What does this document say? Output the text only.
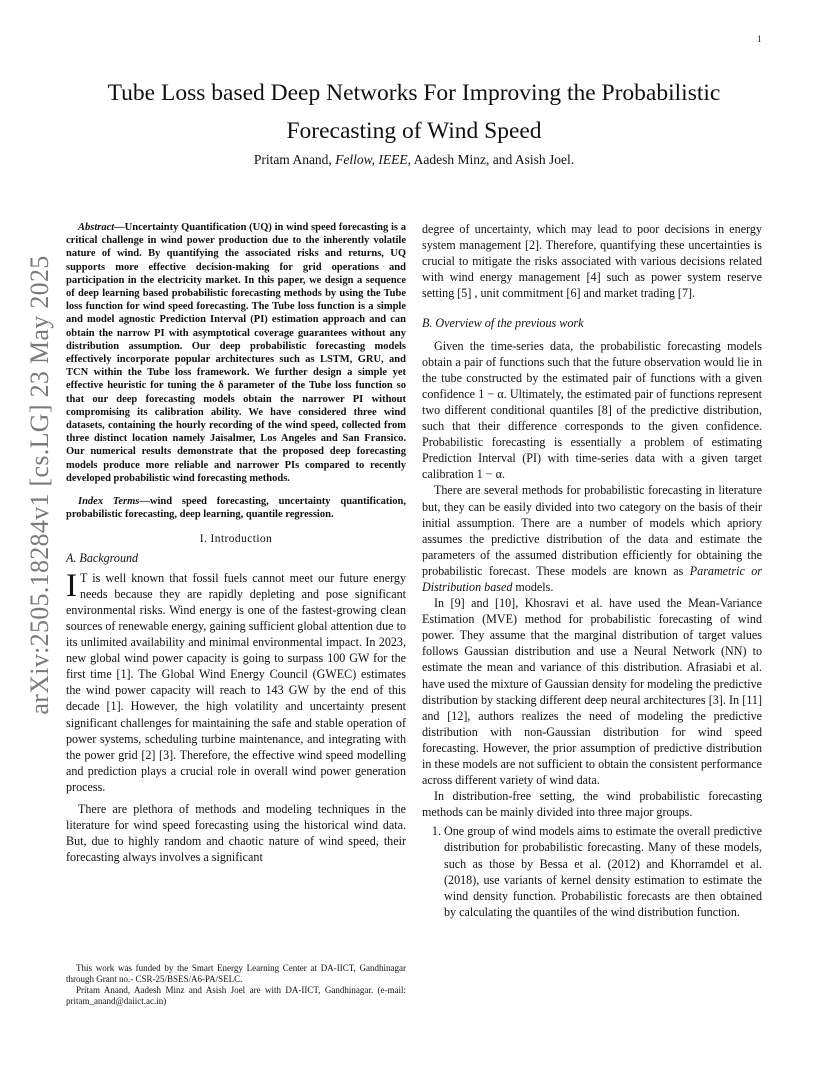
1
arXiv:2505.18284v1 [cs.LG] 23 May 2025
Tube Loss based Deep Networks For Improving the Probabilistic
Forecasting of Wind Speed
Pritam Anand, Fellow, IEEE, Aadesh Minz, and Asish Joel.

Abstract—Uncertainty Quantification (UQ) in wind speed forecasting is a critical challenge in wind power production due to the inherently volatile nature of wind. By quantifying the associated risks and returns, UQ supports more effective decision-making for grid operations and participation in the electricity market. In this paper, we design a sequence of deep learning based probabilistic forecasting methods by using the Tube loss function for wind speed forecasting. The Tube loss function is a simple and model agnostic Prediction Interval (PI) estimation approach and can obtain the narrow PI with asymptotical coverage guarantees without any distribution assumption. Our deep probabilistic forecasting models effectively incorporate popular architectures such as LSTM, GRU, and TCN within the Tube loss framework. We further design a simple yet effective heuristic for tuning the δ parameter of the Tube loss function so that our deep forecasting models obtain the narrower PI without compromising its calibration ability. We have considered three wind datasets, containing the hourly recording of the wind speed, collected from three distinct location namely Jaisalmer, Los Angeles and San Fransico. Our numerical results demonstrate that the proposed deep forecasting models produce more reliable and narrower PIs compared to recently developed probabilistic wind forecasting methods.

Index Terms—wind speed forecasting, uncertainty quantification, probabilistic forecasting, deep learning, quantile regression.

I. Introduction
A. Background

I T is well known that fossil fuels cannot meet our future energy needs because they are rapidly depleting and pose significant environmental risks. Wind energy is one of the fastest-growing clean sources of renewable energy, gaining sufficient global attention due to its unlimited availability and minimal environmental impact. In 2023, new global wind power capacity is going to surpass 100 GW for the first time [1]. The Global Wind Energy Council (GWEC) estimates the wind power capacity will reach to 143 GW by the end of this decade [1]. However, the high volatility and uncertainty present significant challenges for maintaining the safe and stable operation of power systems, scheduling turbine maintenance, and integrating with the power grid [2] [3]. Therefore, the effective wind speed modelling and prediction plays a crucial role in overall wind power generation process.

There are plethora of methods and modeling techniques in the literature for wind speed forecasting using the historical wind data. But, due to highly random and chaotic nature of wind speed, their forecasting always involves a significant

This work was funded by the Smart Energy Learning Center at DA-IICT, Gandhinagar through Grant no.- CSR-25/BSES/A6-PA/SELC.

Pritam Anand, Aadesh Minz and Asish Joel are with DA-IICT, Gandhinagar. (e-mail: pritam_anand@daiict.ac.in)

degree of uncertainty, which may lead to poor decisions in energy system management [2]. Therefore, quantifying these uncertainties is crucial to mitigate the risks associated with various decisions related with wind energy management [4] such as power system reserve setting [5] , unit commitment [6] and market trading [7].

B. Overview of the previous work

Given the time-series data, the probabilistic forecasting models obtain a pair of functions such that the future observation would lie in the tube constructed by the estimated pair of functions with a given confidence 1 − α. Ultimately, the estimated pair of functions represent two different conditional quantiles [8] of the predictive distribution, such that their difference corresponds to the given confidence. Probabilistic forecasting is essentially a problem of estimating Prediction Interval (PI) with time-series data with a given target calibration 1 − α.

There are several methods for probabilistic forecasting in literature but, they can be easily divided into two category on the basis of their initial assumption. There are a number of models which apriory assumes the predictive distribution of the data and estimate the parameters of the assumed distribution efficiently for obtaining the probabilistic forecast. These models are known as Parametric or Distribution based models.

In [9] and [10], Khosravi et al. have used the Mean-Variance Estimation (MVE) method for probabilistic forecasting of wind power. They assume that the marginal distribution of target values follows Gaussian distribution and use a Neural Network (NN) to estimate the mean and variance of this distribution. Afrasiabi et al. have used the mixture of Gaussian density for modeling the predictive distribution by stacking different deep neural architectures [3]. In [11] and [12], authors realizes the need of modeling the predictive distribution with non-Gaussian distribution for wind speed forecasting. However, the prior assumption of predictive distribution in these models are not sufficient to obtain the consistent performance across different variety of wind data.

In distribution-free setting, the wind probabilistic forecasting methods can be mainly divided into three major groups.

1. One group of wind models aims to estimate the overall predictive distribution for probabilistic forecasting. Many of these models, such as those by Bessa et al. (2012) and Khorramdel et al. (2018), use variants of kernel density estimation to estimate the wind density function. Probabilistic forecasts are then obtained by calculating the quantiles of the wind distribution function.
